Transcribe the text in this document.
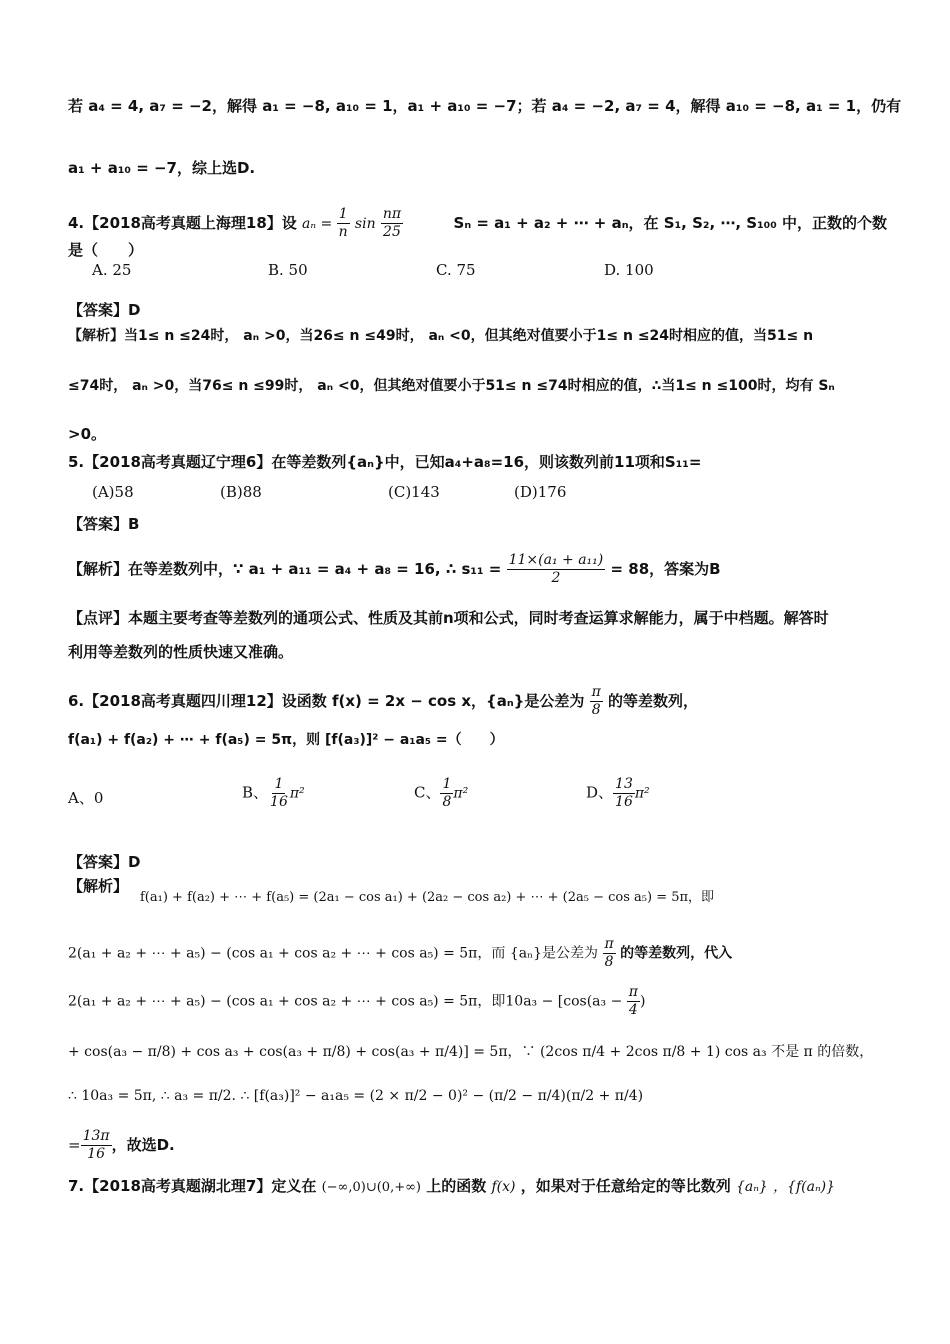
若 a₄ = 4, a₇ = −2，解得 a₁ = −8, a₁₀ = 1，a₁ + a₁₀ = −7；若 a₄ = −2, a₇ = 4，解得 a₁₀ = −8, a₁ = 1，仍有
a₁ + a₁₀ = −7，综上选D.
4.【2018高考真题上海理18】设 $a_n = \frac{1}{n}$ $\sin \frac{n\pi}{25}$	Sₙ = a₁ + a₂ + ⋯ + aₙ，在 S₁, S₂, ⋯, S₁₀₀ 中，正数的个数
是（　　）
A. 25	B. 50	C. 75	D. 100
【答案】D
【解析】当1≤ n ≤24时， aₙ >0，当26≤ n ≤49时， aₙ <0，但其绝对值要小于1≤ n ≤24时相应的值，当51≤ n
≤74时， aₙ >0，当76≤ n ≤99时， aₙ <0，但其绝对值要小于51≤ n ≤74时相应的值，∴当1≤ n ≤100时，均有 Sₙ
>0。
5.【2018高考真题辽宁理6】在等差数列{aₙ}中，已知a₄+a₈=16，则该数列前11项和S₁₁=
(A)58	(B)88	(C)143	(D)176
【答案】B
【解析】在等差数列中，∵ a₁ + a₁₁ = a₄ + a₈ = 16, ∴ $s_{11} = \frac{\text{11×(a₁ + a₁₁)}}{2} = 88$，答案为B
【点评】本题主要考查等差数列的通项公式、性质及其前n项和公式，同时考查运算求解能力，属于中档题。解答时
利用等差数列的性质快速又准确。
6.【2018高考真题四川理12】设函数 f(x) = 2x − cos x，{aₙ}是公差为 $\frac{\pi}{8}$ 的等差数列，
f(a₁) + f(a₂) + ⋯ + f(a₅) = 5π，则 [f(a₃)]² − a₁a₅ =（　　）
A、0	B、 $\frac{1}{16} \pi^2$	C、 $\frac{1}{8} \pi^2$	D、 $\frac{13}{16} \pi^2$
【答案】D
【解析】
f(a₁) + f(a₂) + ⋯ + f(a₅) = (2a₁ − cos a₁) + (2a₂ − cos a₂) + ⋯ + (2a₅ − cos a₅) = 5π，即
2(a₁ + a₂ + ⋯ + a₅) − (cos a₁ + cos a₂ + ⋯ + cos a₅) = 5π，而 {aₙ}是公差为 $\frac{\pi}{8}$ 的等差数列，代入
2(a₁ + a₂ + ⋯ + a₅) − (cos a₁ + cos a₂ + ⋯ + cos a₅) = 5π，即$10a_3 - [\cos(a_3 - \frac{\pi}{4}$ )
+ cos(a₃ − π/8) + cos a₃ + cos(a₃ + π/8) + cos(a₃ + π/4)] = 5π，∵ (2cos π/4 + 2cos π/8 + 1) cos a₃ 不是 π 的倍数，
∴ 10a₃ = 5π, ∴ a₃ = π/2. ∴ [f(a₃)]² − a₁a₅ = (2 × π/2 − 0)² − (π/2 − π/4)(π/2 + π/4)
= $\frac{13\pi}{16}$ ，故选D.
7.【2018高考真题湖北理7】定义在 (−∞,0)∪(0,+∞) 上的函数 f(x) ，如果对于任意给定的等比数列 {aₙ} ，{f(aₙ)}
